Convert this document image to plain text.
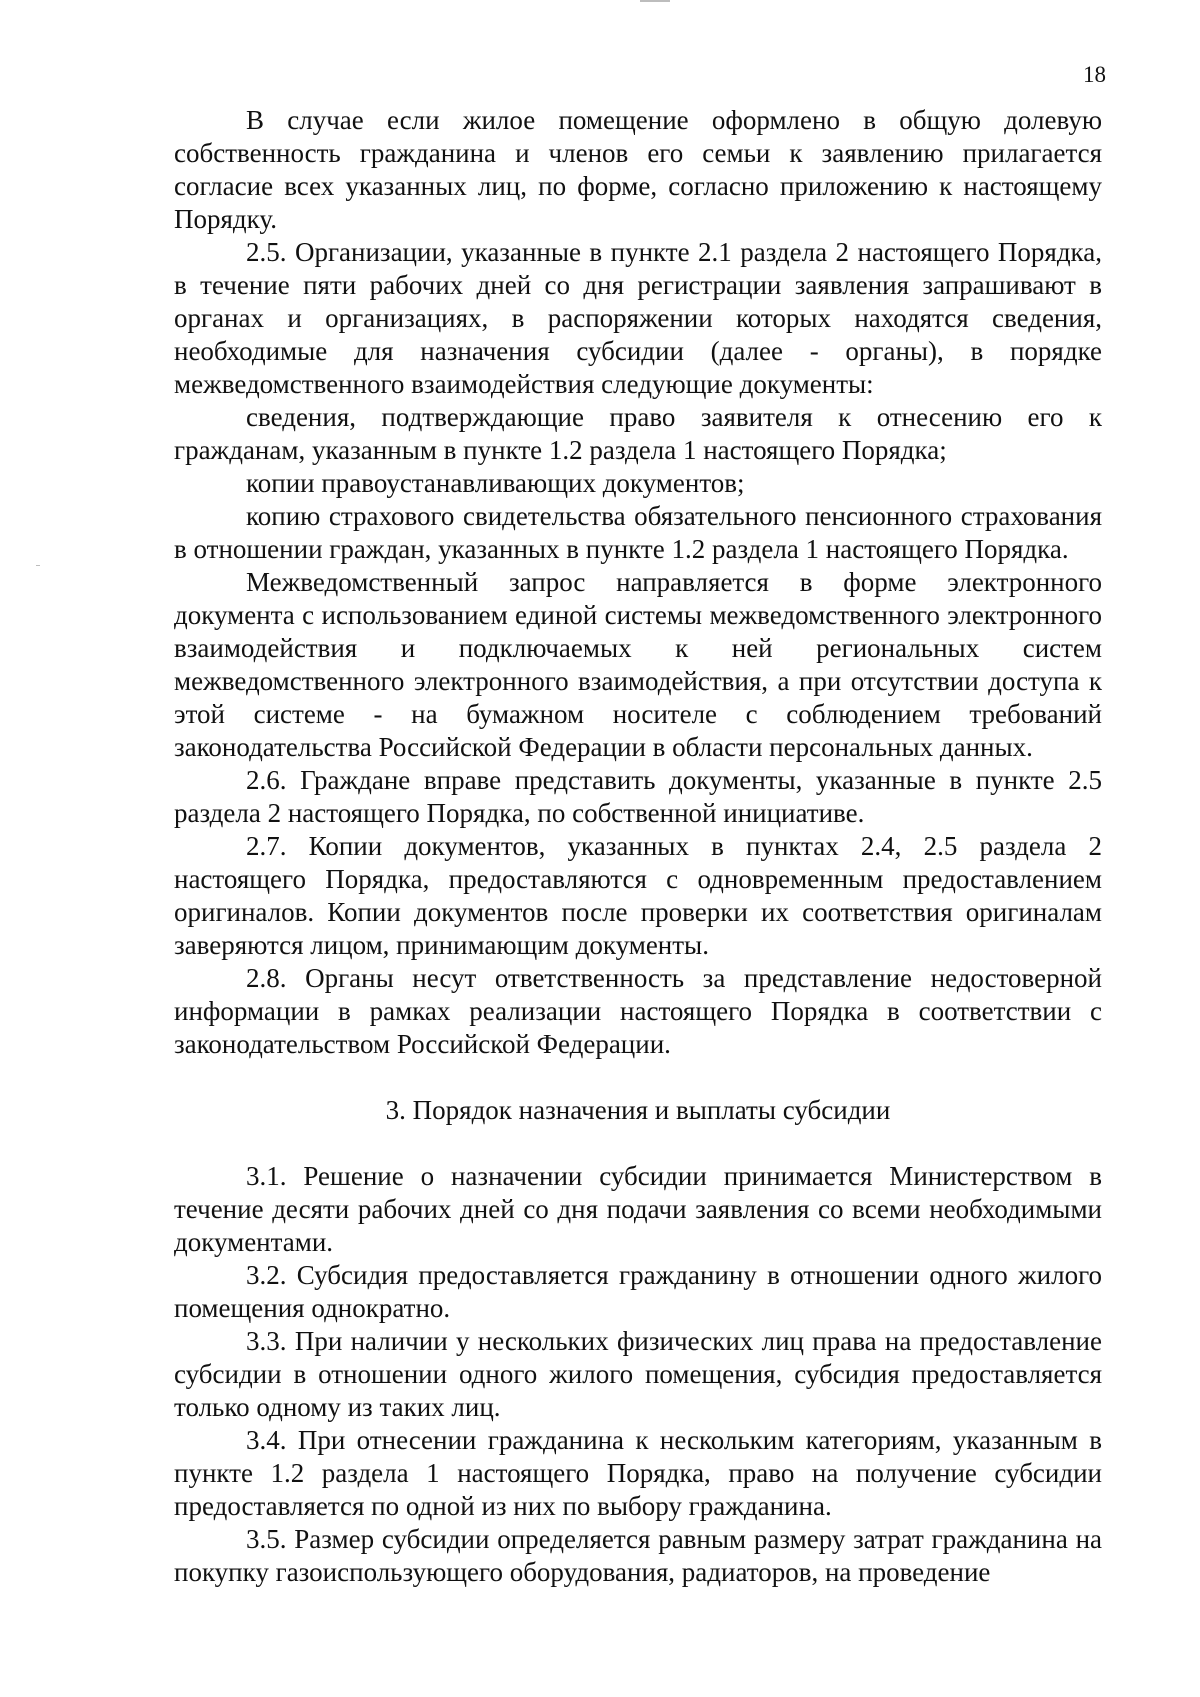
18

В случае если жилое помещение оформлено в общую долевую собственность гражданина и членов его семьи к заявлению прилагается согласие всех указанных лиц, по форме, согласно приложению к настоящему Порядку.

2.5. Организации, указанные в пункте 2.1 раздела 2 настоящего Порядка, в течение пяти рабочих дней со дня регистрации заявления запрашивают в органах и организациях, в распоряжении которых находятся сведения, необходимые для назначения субсидии (далее - органы), в порядке межведомственного взаимодействия следующие документы:

сведения, подтверждающие право заявителя к отнесению его к гражданам, указанным в пункте 1.2 раздела 1 настоящего Порядка;

копии правоустанавливающих документов;

копию страхового свидетельства обязательного пенсионного страхования в отношении граждан, указанных в пункте 1.2 раздела 1 настоящего Порядка.

Межведомственный запрос направляется в форме электронного документа с использованием единой системы межведомственного электронного взаимодействия и подключаемых к ней региональных систем межведомственного электронного взаимодействия, а при отсутствии доступа к этой системе - на бумажном носителе с соблюдением требований законодательства Российской Федерации в области персональных данных.

2.6. Граждане вправе представить документы, указанные в пункте 2.5 раздела 2 настоящего Порядка, по собственной инициативе.

2.7. Копии документов, указанных в пунктах 2.4, 2.5 раздела 2 настоящего Порядка, предоставляются с одновременным предоставлением оригиналов. Копии документов после проверки их соответствия оригиналам заверяются лицом, принимающим документы.

2.8. Органы несут ответственность за представление недостоверной информации в рамках реализации настоящего Порядка в соответствии с законодательством Российской Федерации.

3. Порядок назначения и выплаты субсидии

3.1. Решение о назначении субсидии принимается Министерством в течение десяти рабочих дней со дня подачи заявления со всеми необходимыми документами.

3.2. Субсидия предоставляется гражданину в отношении одного жилого помещения однократно.

3.3. При наличии у нескольких физических лиц права на предоставление субсидии в отношении одного жилого помещения, субсидия предоставляется только одному из таких лиц.

3.4. При отнесении гражданина к нескольким категориям, указанным в пункте 1.2 раздела 1 настоящего Порядка, право на получение субсидии предоставляется по одной из них по выбору гражданина.

3.5. Размер субсидии определяется равным размеру затрат гражданина на покупку газоиспользующего оборудования, радиаторов, на проведение
